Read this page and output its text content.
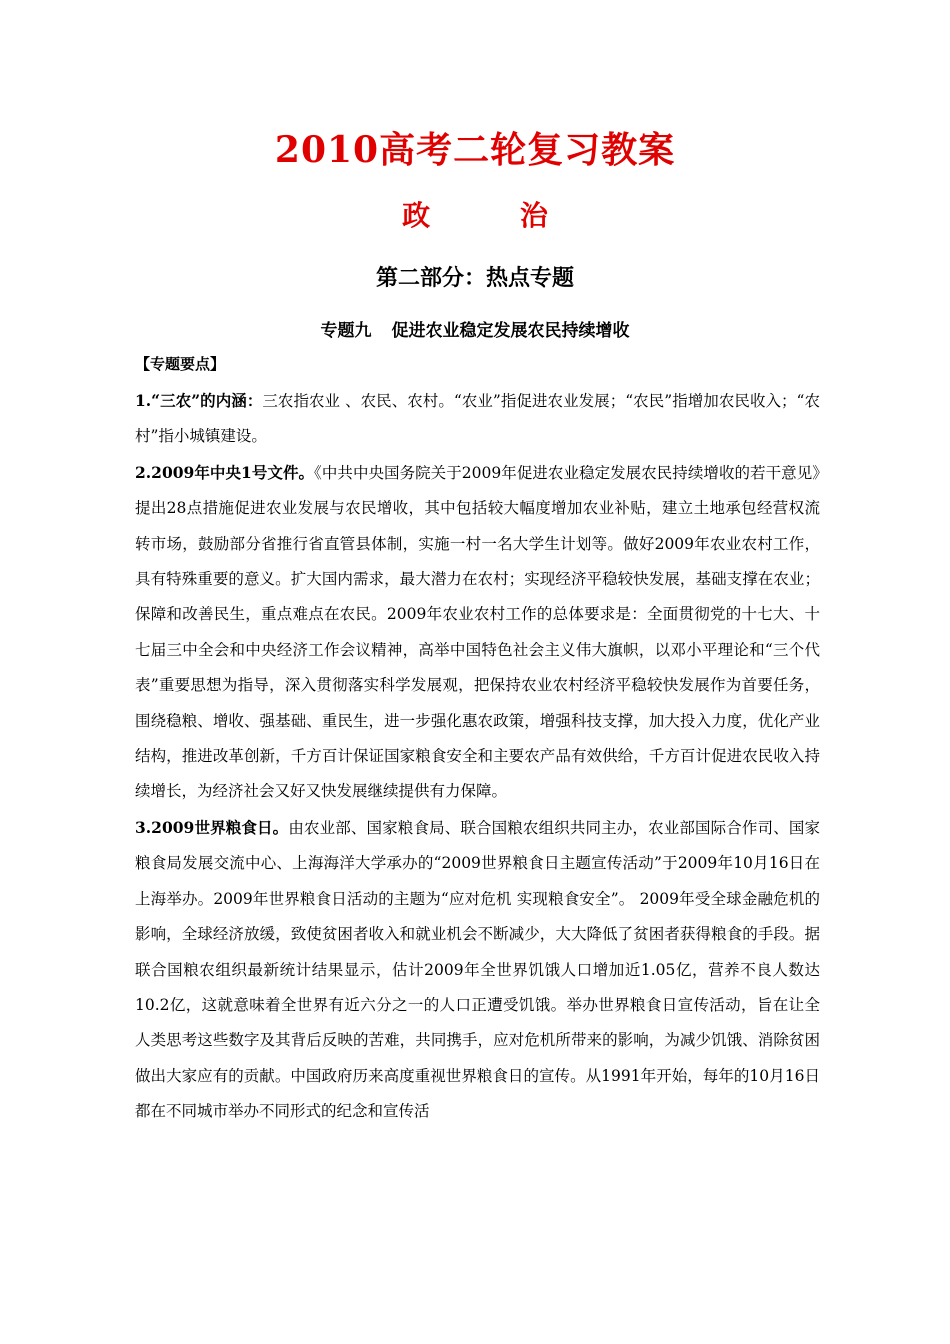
2010高考二轮复习教案
政 治
第二部分：热点专题
专题九 促进农业稳定发展农民持续增收
【专题要点】

1.“三农”的内涵：三农指农业 、农民、农村。“农业”指促进农业发展；“农民”指增加农民收入；“农村”指小城镇建设。

2.2009年中央1号文件。《中共中央国务院关于2009年促进农业稳定发展农民持续增收的若干意见》提出28点措施促进农业发展与农民增收，其中包括较大幅度增加农业补贴，建立土地承包经营权流转市场，鼓励部分省推行省直管县体制，实施一村一名大学生计划等。做好2009年农业农村工作，具有特殊重要的意义。扩大国内需求，最大潜力在农村；实现经济平稳较快发展，基础支撑在农业；保障和改善民生，重点难点在农民。2009年农业农村工作的总体要求是：全面贯彻党的十七大、十七届三中全会和中央经济工作会议精神，高举中国特色社会主义伟大旗帜，以邓小平理论和“三个代表”重要思想为指导，深入贯彻落实科学发展观，把保持农业农村经济平稳较快发展作为首要任务，围绕稳粮、增收、强基础、重民生，进一步强化惠农政策，增强科技支撑，加大投入力度，优化产业结构，推进改革创新，千方百计保证国家粮食安全和主要农产品有效供给，千方百计促进农民收入持续增长，为经济社会又好又快发展继续提供有力保障。

3.2009世界粮食日。由农业部、国家粮食局、联合国粮农组织共同主办，农业部国际合作司、国家粮食局发展交流中心、上海海洋大学承办的“2009世界粮食日主题宣传活动”于2009年10月16日在上海举办。2009年世界粮食日活动的主题为“应对危机 实现粮食安全”。 2009年受全球金融危机的影响，全球经济放缓，致使贫困者收入和就业机会不断减少，大大降低了贫困者获得粮食的手段。据联合国粮农组织最新统计结果显示，估计2009年全世界饥饿人口增加近1.05亿，营养不良人数达10.2亿，这就意味着全世界有近六分之一的人口正遭受饥饿。举办世界粮食日宣传活动，旨在让全人类思考这些数字及其背后反映的苦难，共同携手，应对危机所带来的影响，为减少饥饿、消除贫困做出大家应有的贡献。中国政府历来高度重视世界粮食日的宣传。从1991年开始，每年的10月16日都在不同城市举办不同形式的纪念和宣传活
